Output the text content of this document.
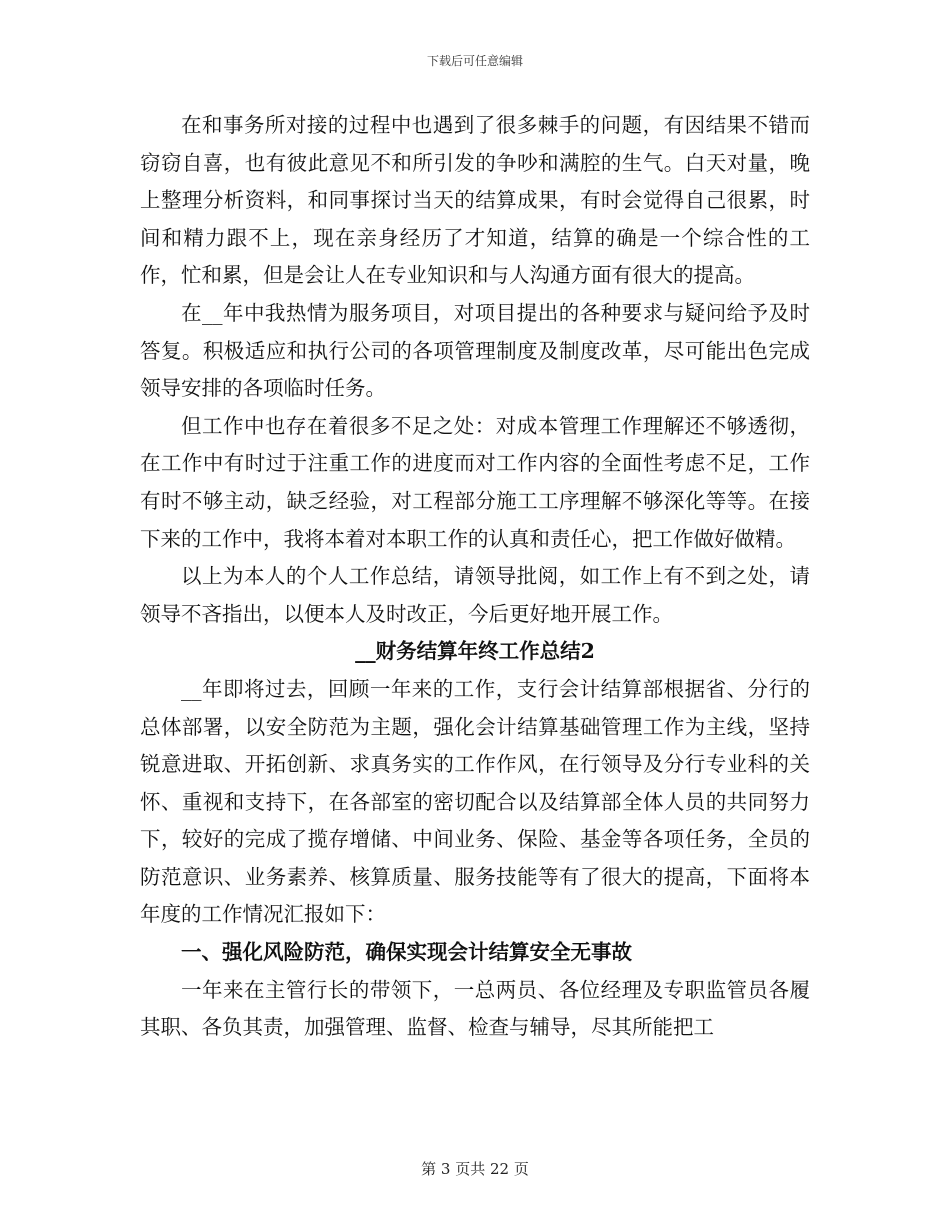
下载后可任意编辑

在和事务所对接的过程中也遇到了很多棘手的问题，有因结果不错而窃窃自喜，也有彼此意见不和所引发的争吵和满腔的生气。白天对量，晚上整理分析资料，和同事探讨当天的结算成果，有时会觉得自己很累，时间和精力跟不上，现在亲身经历了才知道，结算的确是一个综合性的工作，忙和累，但是会让人在专业知识和与人沟通方面有很大的提高。

在__年中我热情为服务项目，对项目提出的各种要求与疑问给予及时答复。积极适应和执行公司的各项管理制度及制度改革，尽可能出色完成领导安排的各项临时任务。

但工作中也存在着很多不足之处：对成本管理工作理解还不够透彻，在工作中有时过于注重工作的进度而对工作内容的全面性考虑不足，工作有时不够主动，缺乏经验，对工程部分施工工序理解不够深化等等。在接下来的工作中，我将本着对本职工作的认真和责任心，把工作做好做精。

以上为本人的个人工作总结，请领导批阅，如工作上有不到之处，请领导不吝指出，以便本人及时改正，今后更好地开展工作。

__财务结算年终工作总结2

__年即将过去，回顾一年来的工作，支行会计结算部根据省、分行的总体部署，以安全防范为主题，强化会计结算基础管理工作为主线，坚持锐意进取、开拓创新、求真务实的工作作风，在行领导及分行专业科的关怀、重视和支持下，在各部室的密切配合以及结算部全体人员的共同努力下，较好的完成了揽存增储、中间业务、保险、基金等各项任务，全员的防范意识、业务素养、核算质量、服务技能等有了很大的提高，下面将本年度的工作情况汇报如下：

一、强化风险防范，确保实现会计结算安全无事故

一年来在主管行长的带领下，一总两员、各位经理及专职监管员各履其职、各负其责，加强管理、监督、检查与辅导，尽其所能把工

第 3 页共 22 页
